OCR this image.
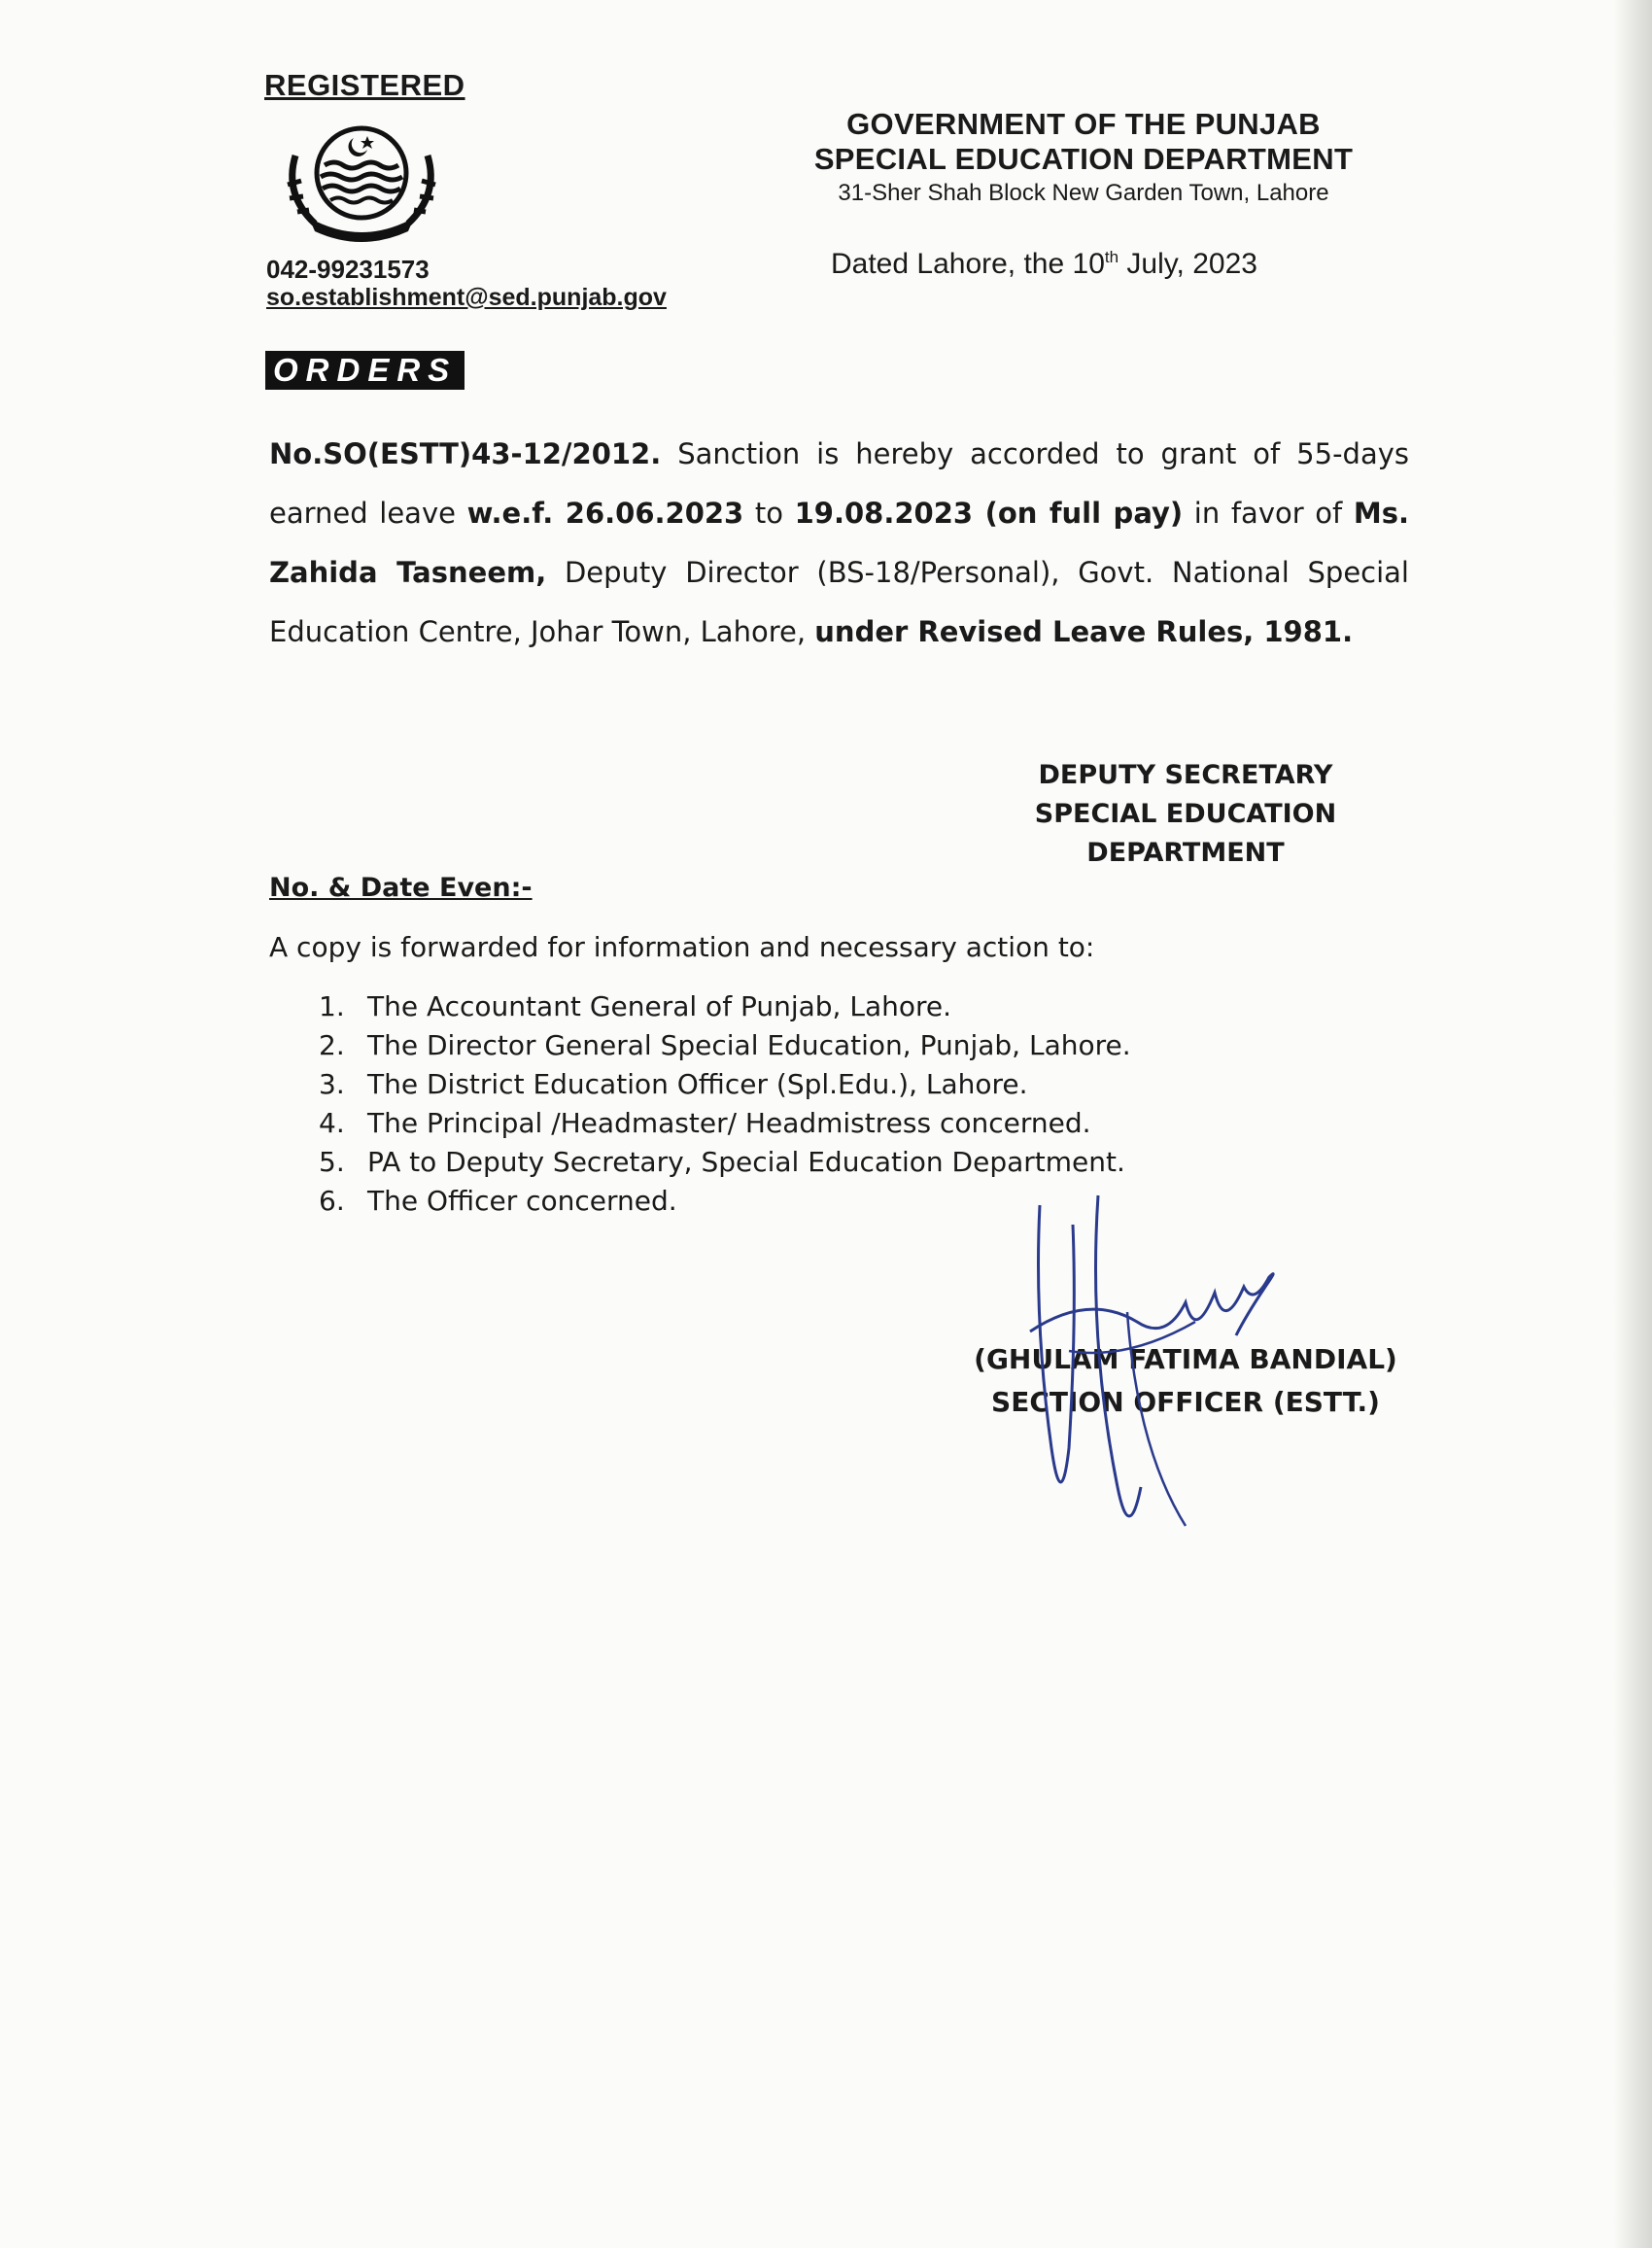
REGISTERED
042-99231573
so.establishment@sed.punjab.gov
GOVERNMENT OF THE PUNJAB
SPECIAL EDUCATION DEPARTMENT
31-Sher Shah Block New Garden Town, Lahore
Dated Lahore, the 10th July, 2023
ORDERS
No.SO(ESTT)43-12/2012. Sanction is hereby accorded to grant of 55-days earned leave w.e.f. 26.06.2023 to 19.08.2023 (on full pay) in favor of Ms. Zahida Tasneem, Deputy Director (BS-18/Personal), Govt. National Special Education Centre, Johar Town, Lahore, under Revised Leave Rules, 1981.
DEPUTY SECRETARY
SPECIAL EDUCATION
DEPARTMENT
No. & Date Even:-
A copy is forwarded for information and necessary action to:
1. The Accountant General of Punjab, Lahore.
2. The Director General Special Education, Punjab, Lahore.
3. The District Education Officer (Spl.Edu.), Lahore.
4. The Principal /Headmaster/ Headmistress concerned.
5. PA to Deputy Secretary, Special Education Department.
6. The Officer concerned.
(GHULAM FATIMA BANDIAL)
SECTION OFFICER (ESTT.)
